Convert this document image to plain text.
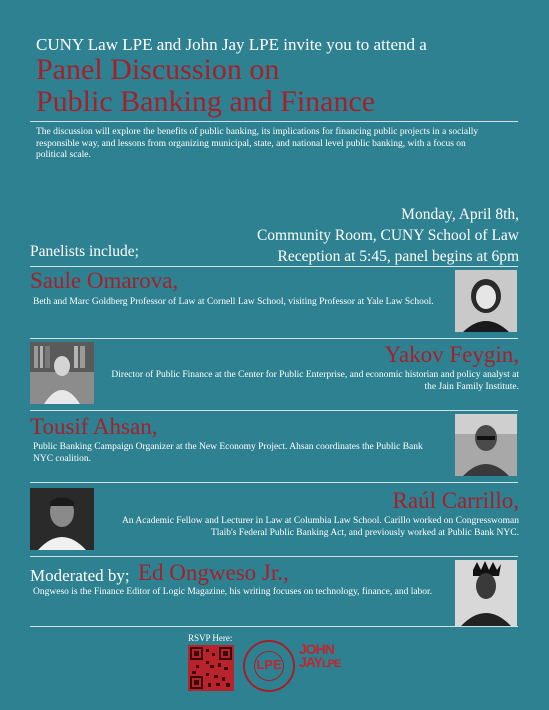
CUNY Law LPE and John Jay LPE invite you to attend a
Panel Discussion on
Public Banking and Finance
The discussion will explore the benefits of public banking, its implications for financing public projects in a socially responsible way, and lessons from organizing municipal, state, and national level public banking, with a focus on political scale.
Monday, April 8th,
Community Room, CUNY School of Law
Reception at 5:45, panel begins at 6pm
Panelists include;
Saule Omarova,
Beth and Marc Goldberg Professor of Law at Cornell Law School, visiting Professor at Yale Law School.
Yakov Feygin,
Director of Public Finance at the Center for Public Enterprise, and economic historian and policy analyst at the Jain Family Institute.
Tousif Ahsan,
Public Banking Campaign Organizer at the New Economy Project. Ahsan coordinates the Public Bank NYC coalition.
Raúl Carrillo,
An Academic Fellow and Lecturer in Law at Columbia Law School. Carillo worked on Congresswoman Tlaib's Federal Public Banking Act, and previously worked at Public Bank NYC.
Moderated by; Ed Ongweso Jr.,
Ongweso is the Finance Editor of Logic Magazine, his writing focuses on technology, finance, and labor.
RSVP Here:
LPE
JOHN
JAYLPE
